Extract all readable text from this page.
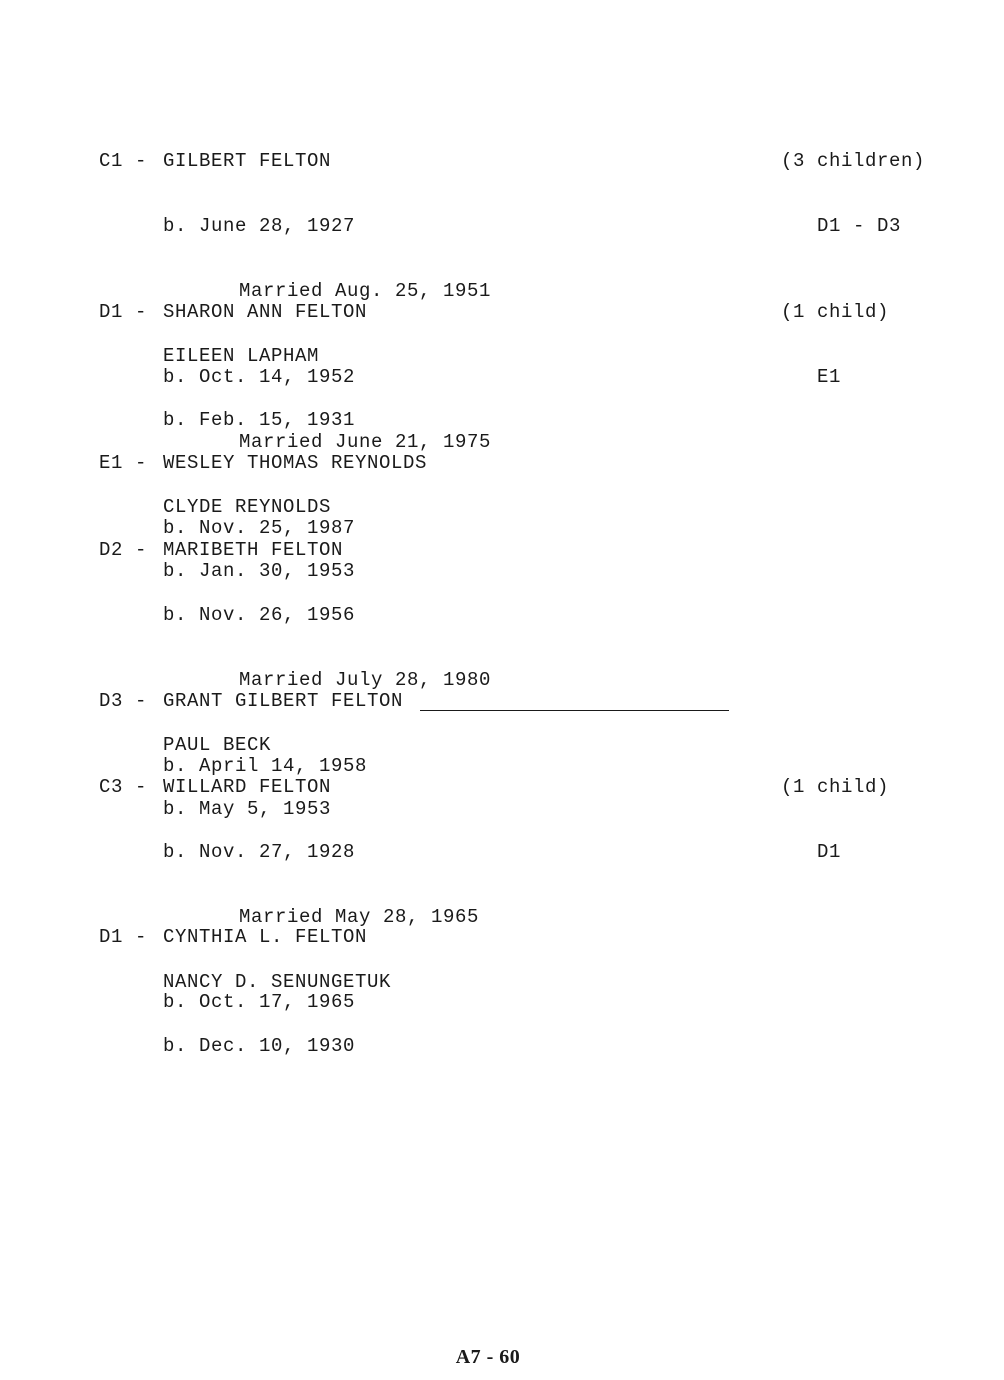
C1 - GILBERT FELTON

b. June 28, 1927

Married Aug. 25, 1951

EILEEN LAPHAM

b. Feb. 15, 1931

(3 children)

D1 - D3

D1 - SHARON ANN FELTON

b. Oct. 14, 1952

Married June 21, 1975

CLYDE REYNOLDS

b. Jan. 30, 1953

(1 child)

E1

E1 - WESLEY THOMAS REYNOLDS

b. Nov. 25, 1987

D2 - MARIBETH FELTON

b. Nov. 26, 1956

Married July 28, 1980

PAUL BECK

b. May 5, 1953

D3 - GRANT GILBERT FELTON

b. April 14, 1958

C3 - WILLARD FELTON

b. Nov. 27, 1928

Married May 28, 1965

NANCY D. SENUNGETUK

b. Dec. 10, 1930

(1 child)

D1

D1 - CYNTHIA L. FELTON

b. Oct. 17, 1965

A7 - 60
